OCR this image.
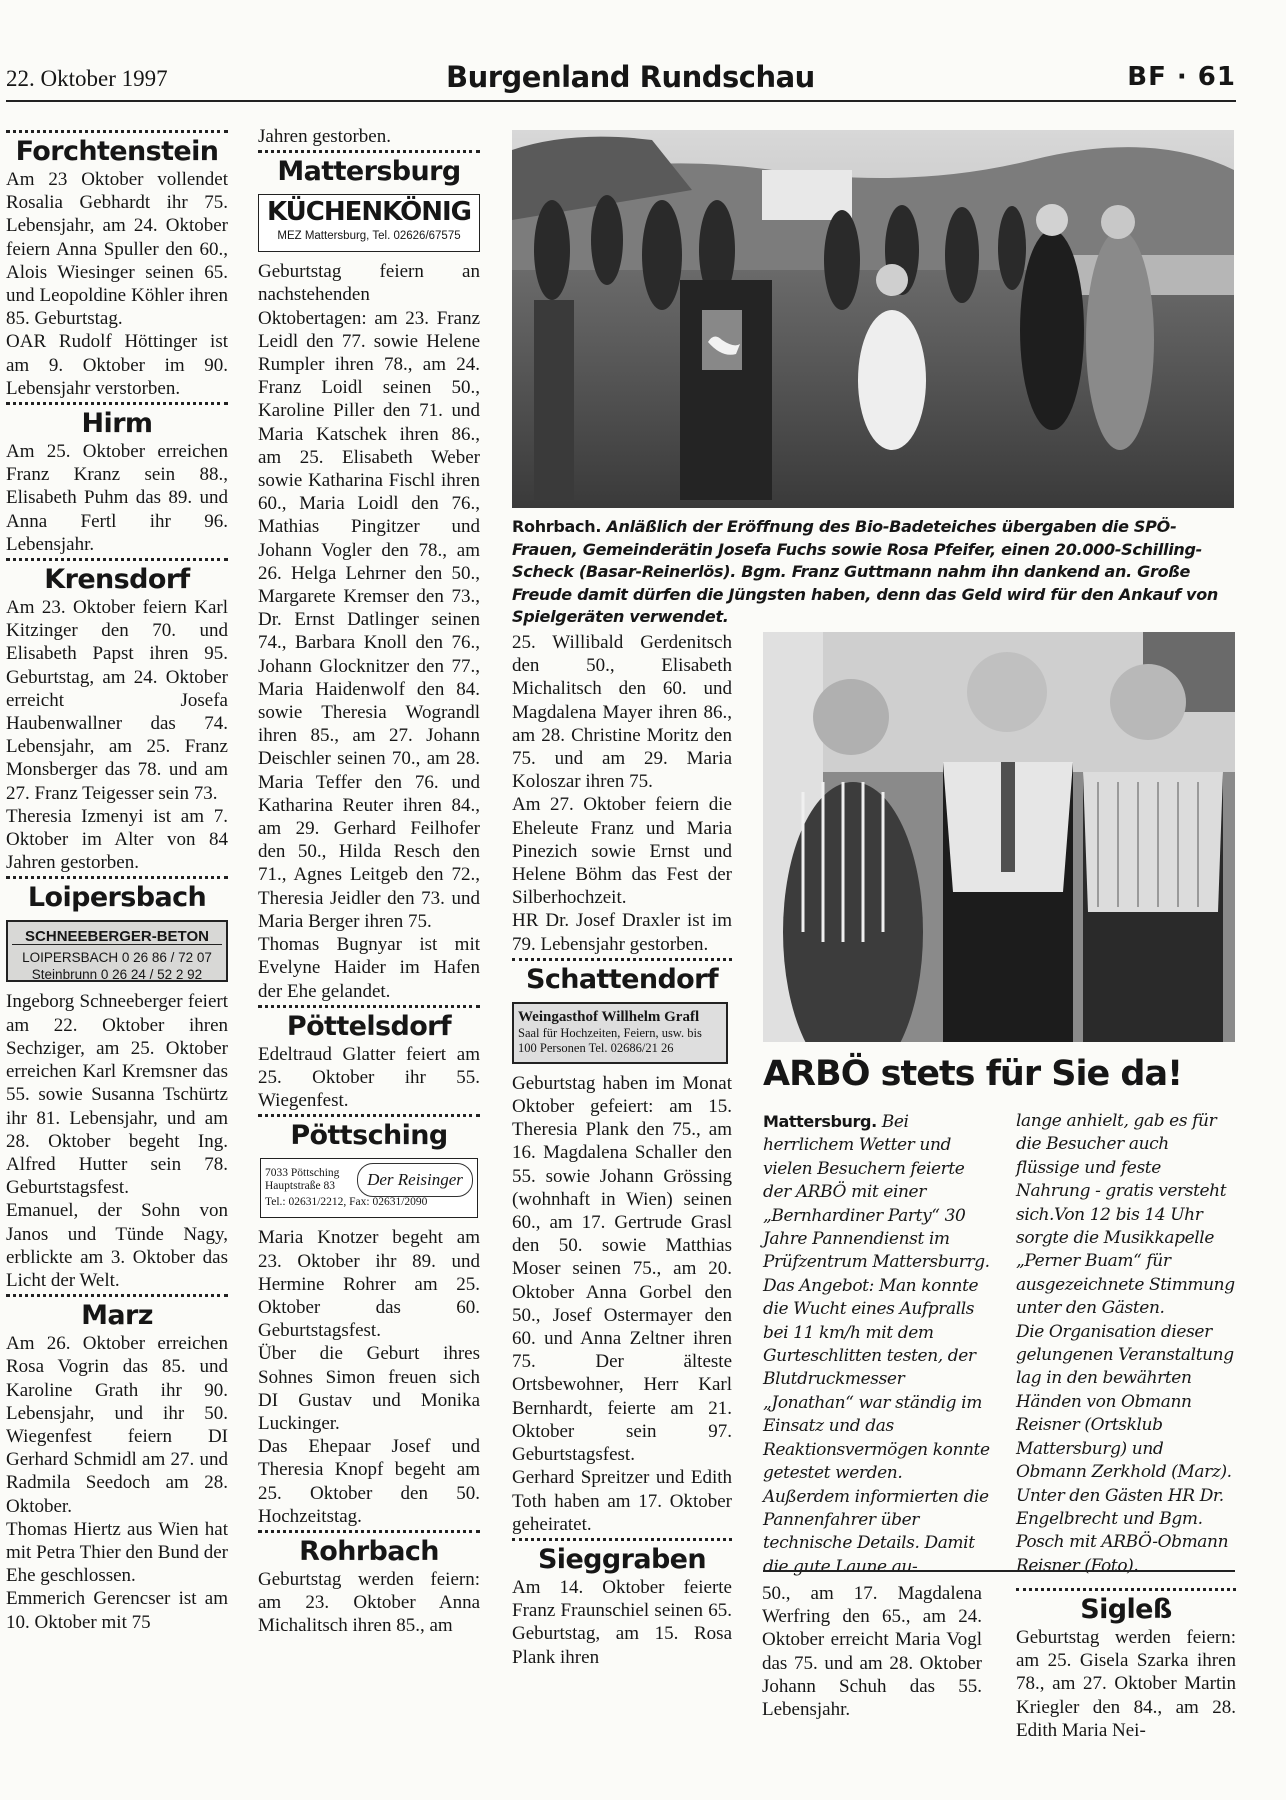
22. Oktober 1997	Burgenland Rundschau	BF · 61
Forchtenstein

Am 23 Oktober vollendet Rosalia Gebhardt ihr 75. Lebensjahr, am 24. Oktober feiern Anna Spuller den 60., Alois Wiesinger seinen 65. und Leopoldine Köhler ihren 85. Geburtstag.

OAR Rudolf Höttinger ist am 9. Oktober im 90. Lebensjahr verstorben.

Hirm

Am 25. Oktober erreichen Franz Kranz sein 88., Elisabeth Puhm das 89. und Anna Fertl ihr 96. Lebensjahr.

Krensdorf

Am 23. Oktober feiern Karl Kitzinger den 70. und Elisabeth Papst ihren 95. Geburtstag, am 24. Oktober erreicht Josefa Haubenwallner das 74. Lebensjahr, am 25. Franz Monsberger das 78. und am 27. Franz Teigesser sein 73.

Theresia Izmenyi ist am 7. Oktober im Alter von 84 Jahren gestorben.

Loipersbach
SCHNEEBERGER-BETON
LOIPERSBACH 0 26 86 / 72 07
Steinbrunn 0 26 24 / 52 2 92

Ingeborg Schneeberger feiert am 22. Oktober ihren Sechziger, am 25. Oktober erreichen Karl Kremsner das 55. sowie Susanna Tschürtz ihr 81. Lebensjahr, und am 28. Oktober begeht Ing. Alfred Hutter sein 78. Geburtstagsfest.

Emanuel, der Sohn von Janos und Tünde Nagy, erblickte am 3. Oktober das Licht der Welt.

Marz

Am 26. Oktober erreichen Rosa Vogrin das 85. und Karoline Grath ihr 90. Lebensjahr, und ihr 50. Wiegenfest feiern DI Gerhard Schmidl am 27. und Radmila Seedoch am 28. Oktober.

Thomas Hiertz aus Wien hat mit Petra Thier den Bund der Ehe geschlossen.

Emmerich Gerencser ist am 10. Oktober mit 75

Jahren gestorben.

Mattersburg
KÜCHENKÖNIG
MEZ Mattersburg, Tel. 02626/67575

Geburtstag feiern an nachstehenden Oktobertagen: am 23. Franz Leidl den 77. sowie Helene Rumpler ihren 78., am 24. Franz Loidl seinen 50., Karoline Piller den 71. und Maria Katschek ihren 86., am 25. Elisabeth Weber sowie Katharina Fischl ihren 60., Maria Loidl den 76., Mathias Pingitzer und Johann Vogler den 78., am 26. Helga Lehrner den 50., Margarete Kremser den 73., Dr. Ernst Datlinger seinen 74., Barbara Knoll den 76., Johann Glocknitzer den 77., Maria Haidenwolf den 84. sowie Theresia Wograndl ihren 85., am 27. Johann Deischler seinen 70., am 28. Maria Teffer den 76. und Katharina Reuter ihren 84., am 29. Gerhard Feilhofer den 50., Hilda Resch den 71., Agnes Leitgeb den 72., Theresia Jeidler den 73. und Maria Berger ihren 75.

Thomas Bugnyar ist mit Evelyne Haider im Hafen der Ehe gelandet.

Pöttelsdorf

Edeltraud Glatter feiert am 25. Oktober ihr 55. Wiegenfest.

Pöttsching
7033 Pöttsching Hauptstraße 83	Der Reisinger
Tel.: 02631/2212, Fax: 02631/2090

Maria Knotzer begeht am 23. Oktober ihr 89. und Hermine Rohrer am 25. Oktober das 60. Geburtstagsfest.

Über die Geburt ihres Sohnes Simon freuen sich DI Gustav und Monika Luckinger.

Das Ehepaar Josef und Theresia Knopf begeht am 25. Oktober den 50. Hochzeitstag.

Rohrbach

Geburtstag werden feiern: am 23. Oktober Anna Michalitsch ihren 85., am

Rohrbach. Anläßlich der Eröffnung des Bio-Badeteiches übergaben die SPÖ-Frauen, Gemeinderätin Josefa Fuchs sowie Rosa Pfeifer, einen 20.000-Schilling-Scheck (Basar-Reinerlös). Bgm. Franz Guttmann nahm ihn dankend an. Große Freude damit dürfen die Jüngsten haben, denn das Geld wird für den Ankauf von Spielgeräten verwendet.

25. Willibald Gerdenitsch den 50., Elisabeth Michalitsch den 60. und Magdalena Mayer ihren 86., am 28. Christine Moritz den 75. und am 29. Maria Koloszar ihren 75.

Am 27. Oktober feiern die Eheleute Franz und Maria Pinezich sowie Ernst und Helene Böhm das Fest der Silberhochzeit.

HR Dr. Josef Draxler ist im 79. Lebensjahr gestorben.

Schattendorf
Weingasthof Willhelm Grafl
Saal für Hochzeiten, Feiern, usw. bis 100 Personen Tel. 02686/21 26

Geburtstag haben im Monat Oktober gefeiert: am 15. Theresia Plank den 75., am 16. Magdalena Schaller den 55. sowie Johann Grössing (wohnhaft in Wien) seinen 60., am 17. Gertrude Grasl den 50. sowie Matthias Moser seinen 75., am 20. Oktober Anna Gorbel den 50., Josef Ostermayer den 60. und Anna Zeltner ihren 75. Der älteste Ortsbewohner, Herr Karl Bernhardt, feierte am 21. Oktober sein 97. Geburtstagsfest.

Gerhard Spreitzer und Edith Toth haben am 17. Oktober geheiratet.

Sieggraben

Am 14. Oktober feierte Franz Fraunschiel seinen 65. Geburtstag, am 15. Rosa Plank ihren

ARBÖ stets für Sie da!

Mattersburg. Bei herrlichem Wetter und vielen Besuchern feierte der ARBÖ mit einer „Bernhardiner Party“ 30 Jahre Pannendienst im Prüfzentrum Mattersburrg.

Das Angebot: Man konnte die Wucht eines Aufpralls bei 11 km/h mit dem Gurteschlitten testen, der Blutdruckmesser „Jonathan“ war ständig im Einsatz und das Reaktionsvermögen konnte getestet werden. Außerdem informierten die Pannenfahrer über technische Details. Damit die gute Laune au-

lange anhielt, gab es für die Besucher auch flüssige und feste Nahrung - gratis versteht sich.Von 12 bis 14 Uhr sorgte die Musikkapelle „Perner Buam“ für ausgezeichnete Stimmung unter den Gästen.

Die Organisation dieser gelungenen Veranstaltung lag in den bewährten Händen von Obmann Reisner (Ortsklub Mattersburg) und Obmann Zerkhold (Marz).

Unter den Gästen HR Dr. Engelbrecht und Bgm. Posch mit ARBÖ-Obmann Reisner (Foto).

50., am 17. Magdalena Werfring den 65., am 24. Oktober erreicht Maria Vogl das 75. und am 28. Oktober Johann Schuh das 55. Lebensjahr.

Sigleß

Geburtstag werden feiern: am 25. Gisela Szarka ihren 78., am 27. Oktober Martin Kriegler den 84., am 28. Edith Maria Nei-
